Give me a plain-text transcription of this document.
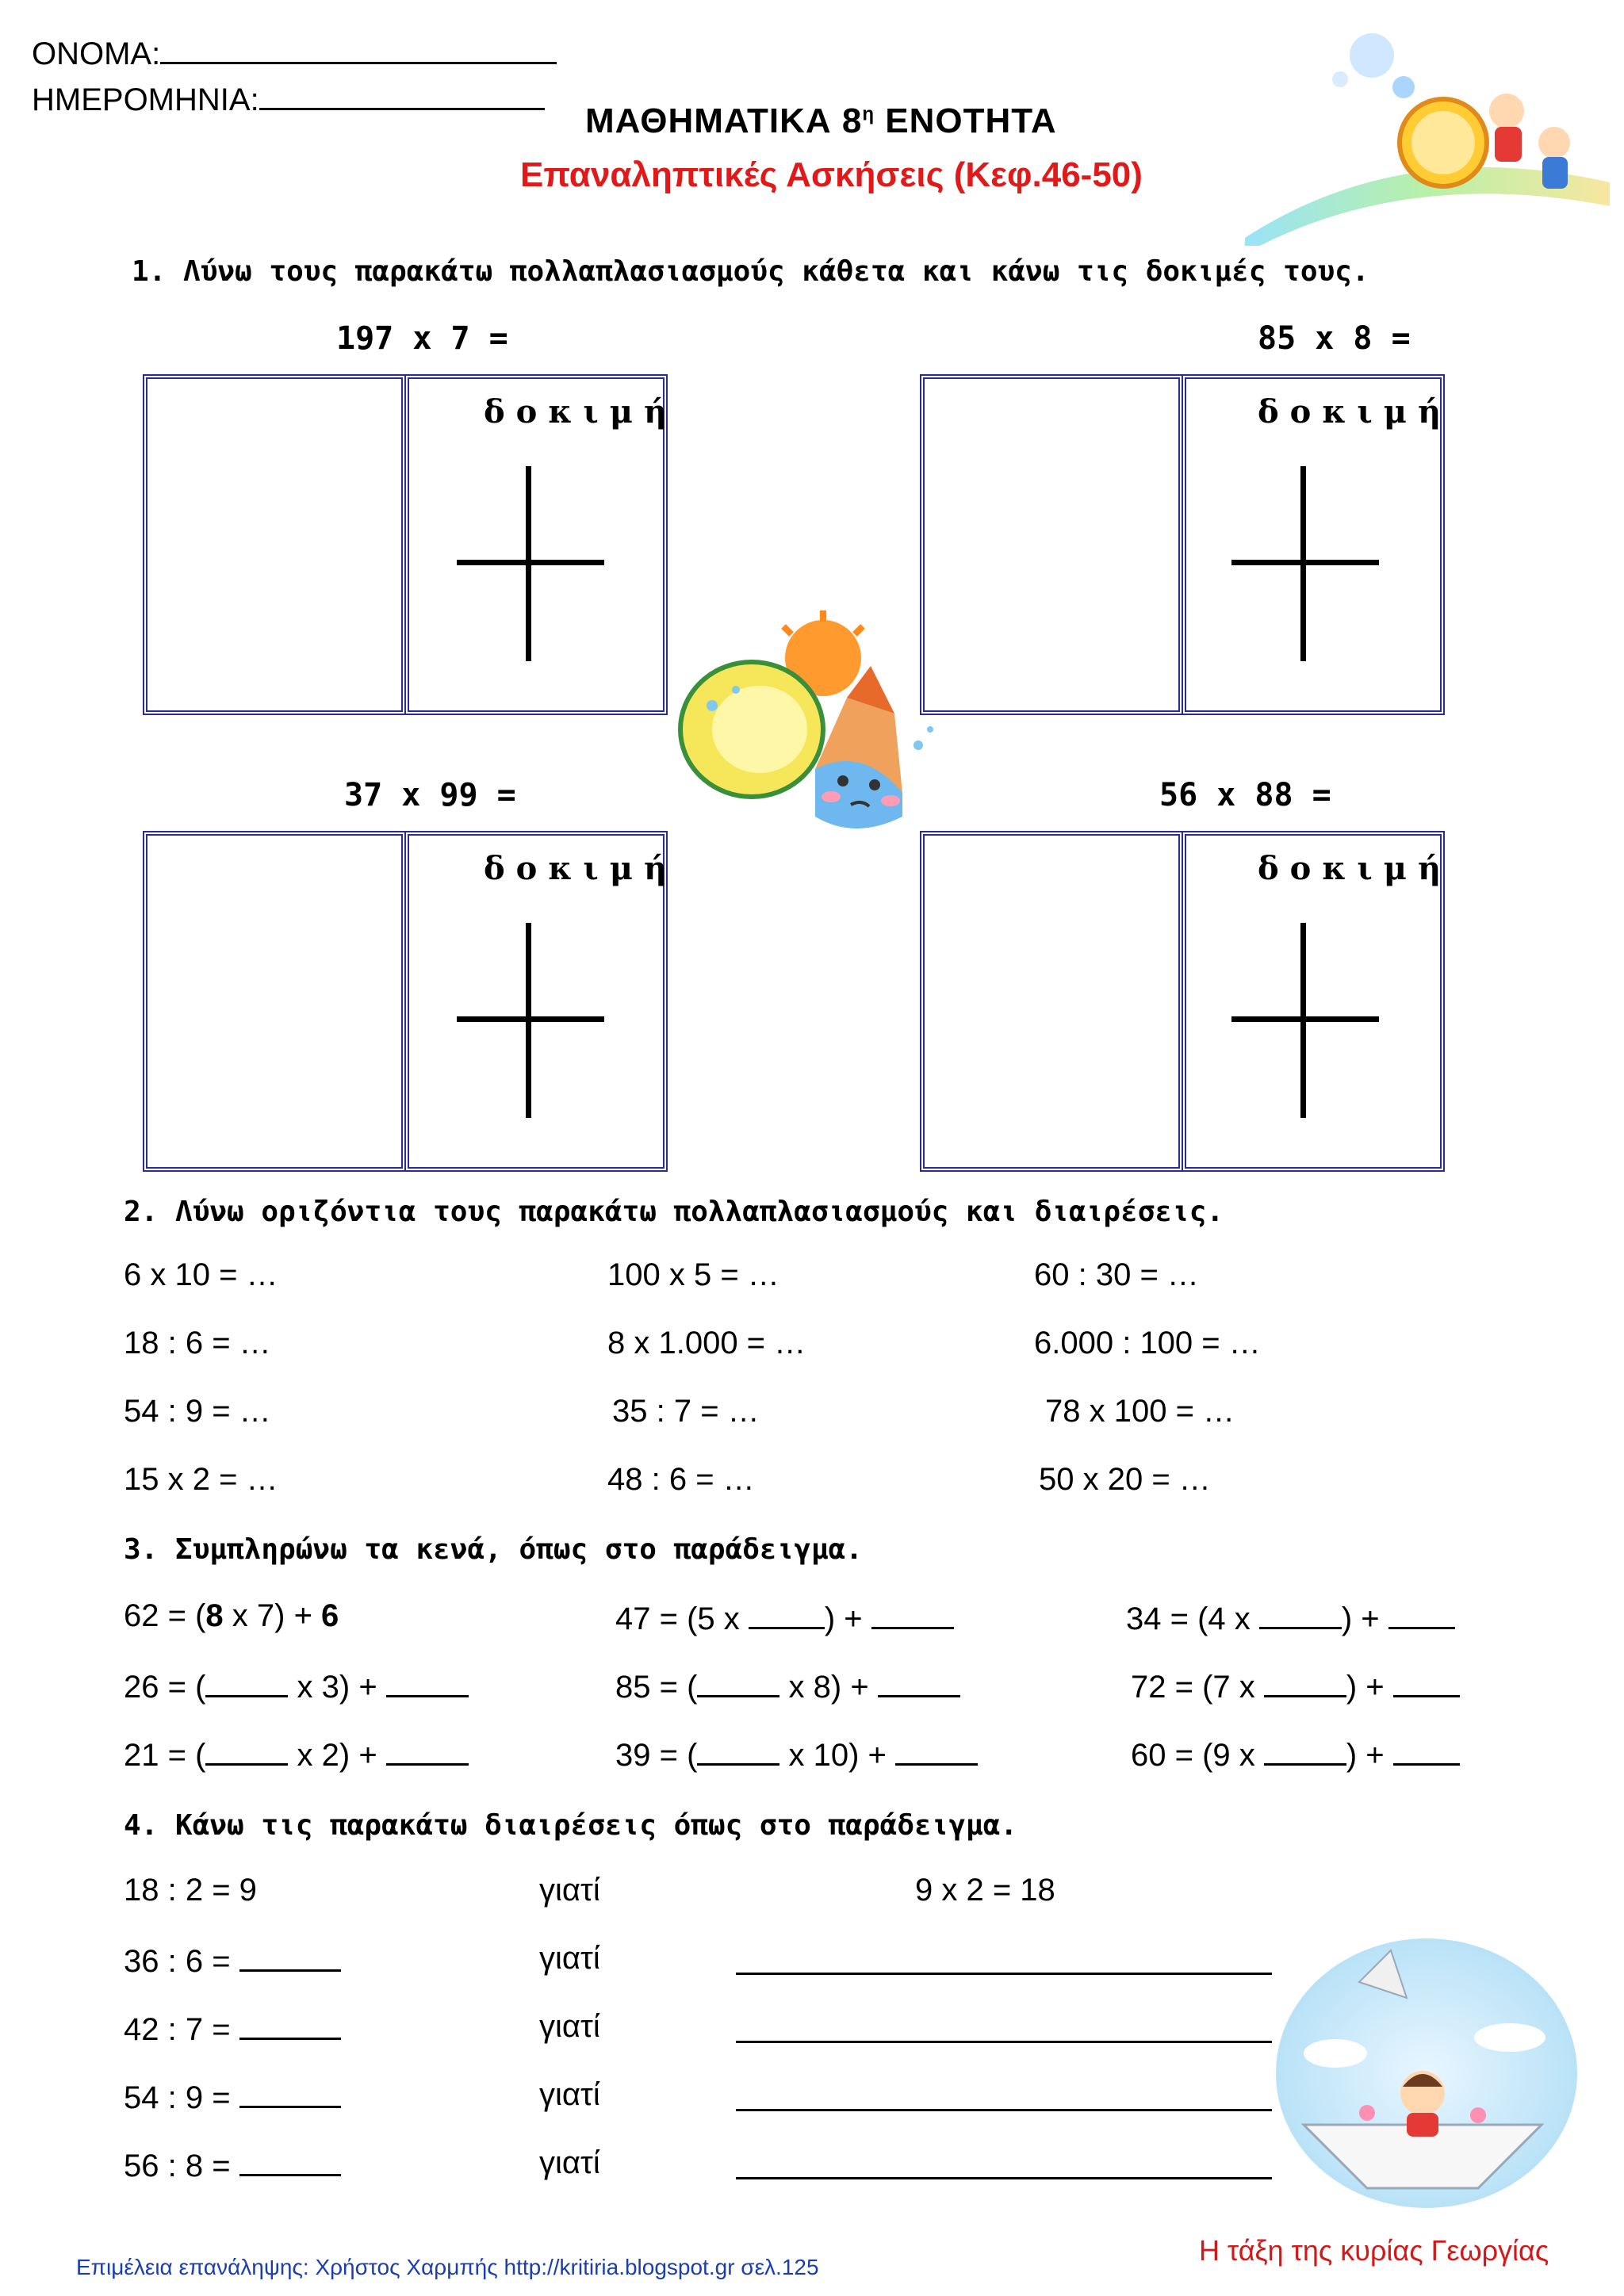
ΟΝΟΜΑ:
ΗΜΕΡΟΜΗΝΙΑ:
ΜΑΘΗΜΑΤΙΚΑ $8^\eta$ ΕΝΟΤΗΤΑ
Επαναληπτικές Ασκήσεις (Κεφ.46-50)
1. Λύνω τους παρακάτω πολλαπλασιασμούς κάθετα και κάνω τις δοκιμές τους.
197 x 7 =	85 x 8 =
37 x 99 =	56 x 88 =
δοκιμή	δοκιμή
δοκιμή	δοκιμή
2. Λύνω οριζόντια τους παρακάτω πολλαπλασιασμούς και διαιρέσεις.
6 x 10 = …	100 x 5 = …	60 : 30 = …
18 : 6 = …	8 x 1.000 = …	6.000 : 100 = …
54 : 9 = …	35 : 7 = …	78 x 100 = …
15 x 2 = …	48 : 6 = …	50 x 20 = …
3. Συμπληρώνω τα κενά, όπως στο παράδειγμα.
62 = (8 x 7) + 6	47 = (5 x ) +	34 = (4 x	) +
26 = (	x 3) +	85 = (	x 8) +	72 = (7 x	) +
21 = (	x 2) +	39 = (	x 10) +	60 = (9 x	) +
4. Κάνω τις παρακάτω διαιρέσεις όπως στο παράδειγμα.
18 : 2 = 9	γιατί	9 x 2 = 18
36 : 6 =	γιατί
42 : 7 =	γιατί
54 : 9 =	γιατί
56 : 8 =	γιατί
Επιμέλεια επανάληψης: Χρήστος Χαρμπής http://kritiria.blogspot.gr σελ.125
Η τάξη της κυρίας Γεωργίας
